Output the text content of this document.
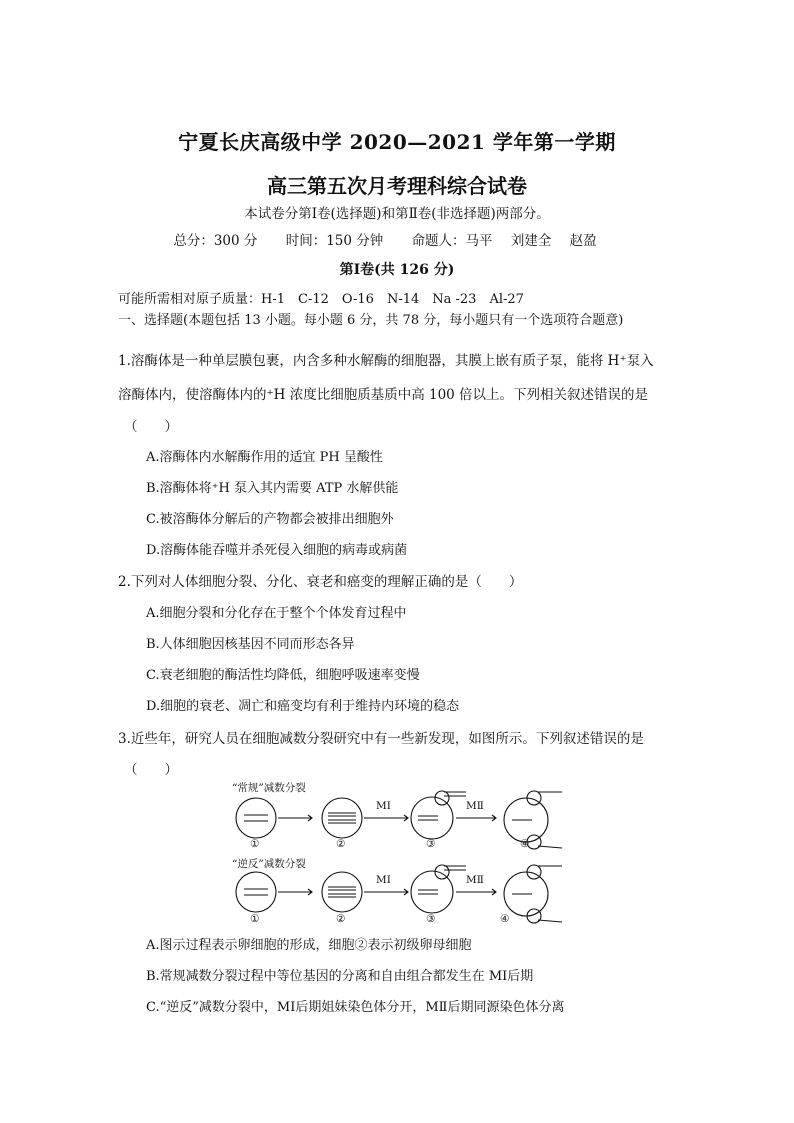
宁夏长庆高级中学 2020—2021 学年第一学期
高三第五次月考理科综合试卷
本试卷分第Ⅰ卷(选择题)和第Ⅱ卷(非选择题)两部分。
总分：300 分 时间：150 分钟 命题人：马平 刘建全 赵盈
第Ⅰ卷(共 126 分)
可能所需相对原子质量：H-1　C-12　O-16　N-14　Na -23　Al-27
一、选择题(本题包括 13 小题。每小题 6 分，共 78 分，每小题只有一个选项符合题意)
1.溶酶体是一种单层膜包裹，内含多种水解酶的细胞器，其膜上嵌有质子泵，能将 H⁺泵入
溶酶体内，使溶酶体内的⁺H 浓度比细胞质基质中高 100 倍以上。下列相关叙述错误的是
（　　）
A.溶酶体内水解酶作用的适宜 PH 呈酸性
B.溶酶体将⁺H 泵入其内需要 ATP 水解供能
C.被溶酶体分解后的产物都会被排出细胞外
D.溶酶体能吞噬并杀死侵入细胞的病毒或病菌
2.下列对人体细胞分裂、分化、衰老和癌变的理解正确的是（　　）
A.细胞分裂和分化存在于整个个体发育过程中
B.人体细胞因核基因不同而形态各异
C.衰老细胞的酶活性均降低，细胞呼吸速率变慢
D.细胞的衰老、凋亡和癌变均有利于维持内环境的稳态
3.近些年，研究人员在细胞减数分裂研究中有一些新发现，如图所示。下列叙述错误的是
（　　）
“常规”减数分裂
“逆反”减数分裂
MⅠ	MⅡ
MⅠ	MⅡ
①	②	③	④
①	②	③	④
A.图示过程表示卵细胞的形成，细胞②表示初级卵母细胞
B.常规减数分裂过程中等位基因的分离和自由组合都发生在 MⅠ后期
C.“逆反”减数分裂中，MⅠ后期姐妹染色体分开，MⅡ后期同源染色体分离
